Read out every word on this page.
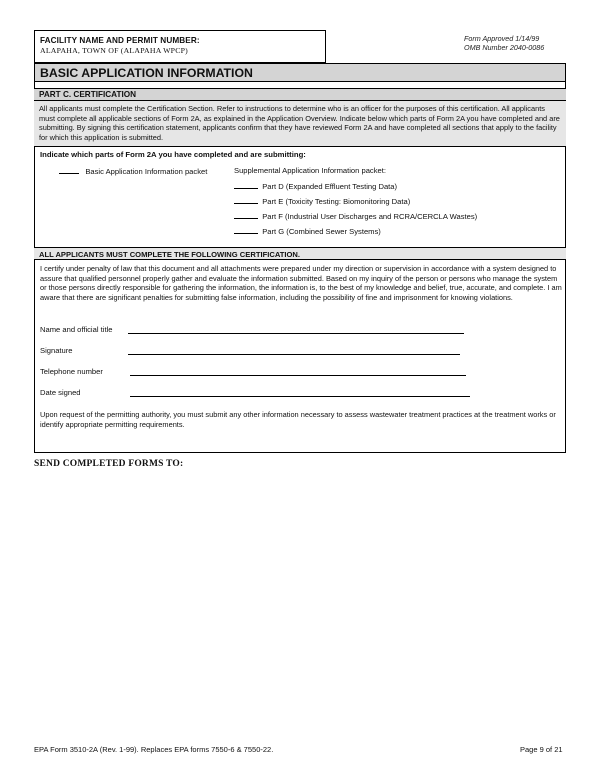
FACILITY NAME AND PERMIT NUMBER:
ALAPAHA, TOWN OF (ALAPAHA WPCP)
Form Approved 1/14/99
OMB Number 2040-0086
BASIC APPLICATION INFORMATION
PART C. CERTIFICATION
All applicants must complete the Certification Section. Refer to instructions to determine who is an officer for the purposes of this certification. All applicants must complete all applicable sections of Form 2A, as explained in the Application Overview. Indicate below which parts of Form 2A you have completed and are submitting. By signing this certification statement, applicants confirm that they have reviewed Form 2A and have completed all sections that apply to the facility for which this application is submitted.
Indicate which parts of Form 2A you have completed and are submitting:
Basic Application Information packet	Supplemental Application Information packet:
Part D (Expanded Effluent Testing Data)
Part E (Toxicity Testing: Biomonitoring Data)
Part F (Industrial User Discharges and RCRA/CERCLA Wastes)
Part G (Combined Sewer Systems)
ALL APPLICANTS MUST COMPLETE THE FOLLOWING CERTIFICATION.
I certify under penalty of law that this document and all attachments were prepared under my direction or supervision in accordance with a system designed to assure that qualified personnel properly gather and evaluate the information submitted. Based on my inquiry of the person or persons who manage the system or those persons directly responsible for gathering the information, the information is, to the best of my knowledge and belief, true, accurate, and complete. I am aware that there are significant penalties for submitting false information, including the possibility of fine and imprisonment for knowing violations.
Name and official title
Signature
Telephone number
Date signed
Upon request of the permitting authority, you must submit any other information necessary to assess wastewater treatment practices at the treatment works or identify appropriate permitting requirements.
SEND COMPLETED FORMS TO:
EPA Form 3510-2A (Rev. 1-99). Replaces EPA forms 7550-6 & 7550-22.	Page 9 of 21
